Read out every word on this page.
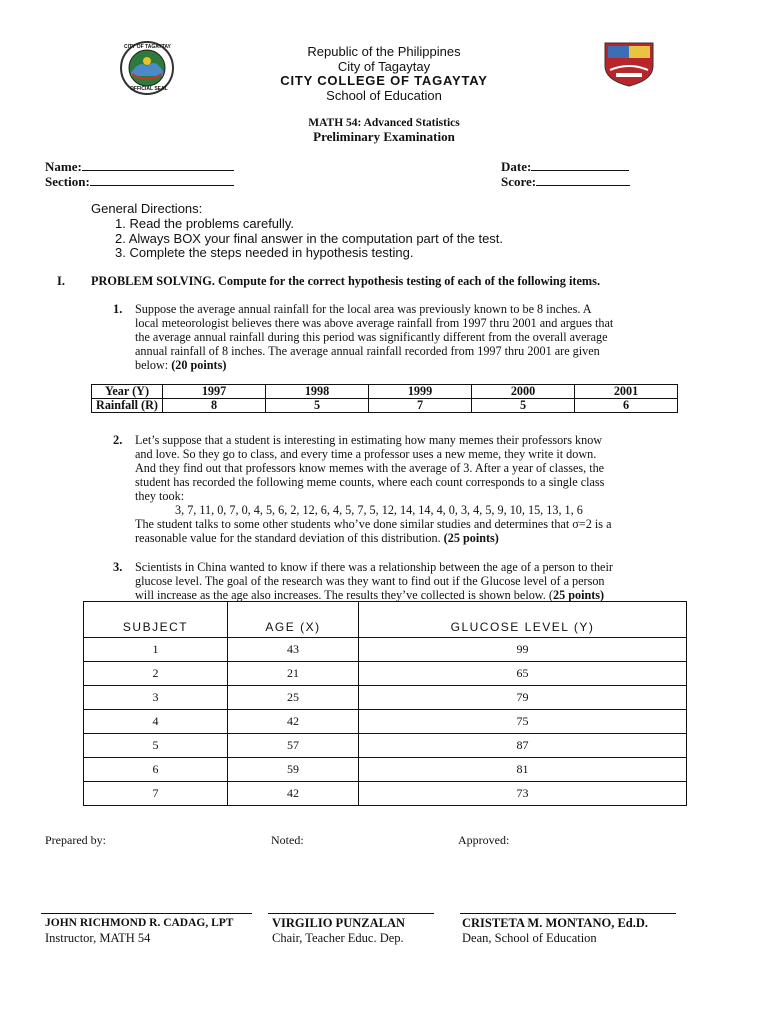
CITY OF TAGAYTAY
OFFICIAL SEAL
Republic of the Philippines
City of Tagaytay
CITY COLLEGE OF TAGAYTAY
School of Education
MATH 54: Advanced Statistics
Preliminary Examination
Name:
Section:
Date:
Score:
General Directions:
1. Read the problems carefully.
2. Always BOX your final answer in the computation part of the test.
3. Complete the steps needed in hypothesis testing.
I. PROBLEM SOLVING. Compute for the correct hypothesis testing of each of the following items.
1. Suppose the average annual rainfall for the local area was previously known to be 8 inches. A
local meteorologist believes there was above average rainfall from 1997 thru 2001 and argues that
the average annual rainfall during this period was significantly different from the overall average
annual rainfall of 8 inches. The average annual rainfall recorded from 1997 thru 2001 are given
below: (20 points)
Year (Y)	1997	1998	1999	2000	2001
Rainfall (R)	8	5	7	5	6
2. Let’s suppose that a student is interesting in estimating how many memes their professors know
and love. So they go to class, and every time a professor uses a new meme, they write it down.
And they find out that professors know memes with the average of 3. After a year of classes, the
student has recorded the following meme counts, where each count corresponds to a single class
they took:
3, 7, 11, 0, 7, 0, 4, 5, 6, 2, 12, 6, 4, 5, 7, 5, 12, 14, 14, 4, 0, 3, 4, 5, 9, 10, 15, 13, 1, 6
The student talks to some other students who’ve done similar studies and determines that σ=2 is a
reasonable value for the standard deviation of this distribution. (25 points)
3. Scientists in China wanted to know if there was a relationship between the age of a person to their
glucose level. The goal of the research was they want to find out if the Glucose level of a person
will increase as the age also increases. The results they’ve collected is shown below. (25 points)
SUBJECT	AGE (X)	GLUCOSE LEVEL (Y)
1	43	99
2	21	65
3	25	79
4	42	75
5	57	87
6	59	81
7	42	73
Prepared by:	Noted:	Approved:
JOHN RICHMOND R. CADAG, LPT
Instructor, MATH 54
VIRGILIO PUNZALAN
Chair, Teacher Educ. Dep.
CRISTETA M. MONTANO, Ed.D.
Dean, School of Education
